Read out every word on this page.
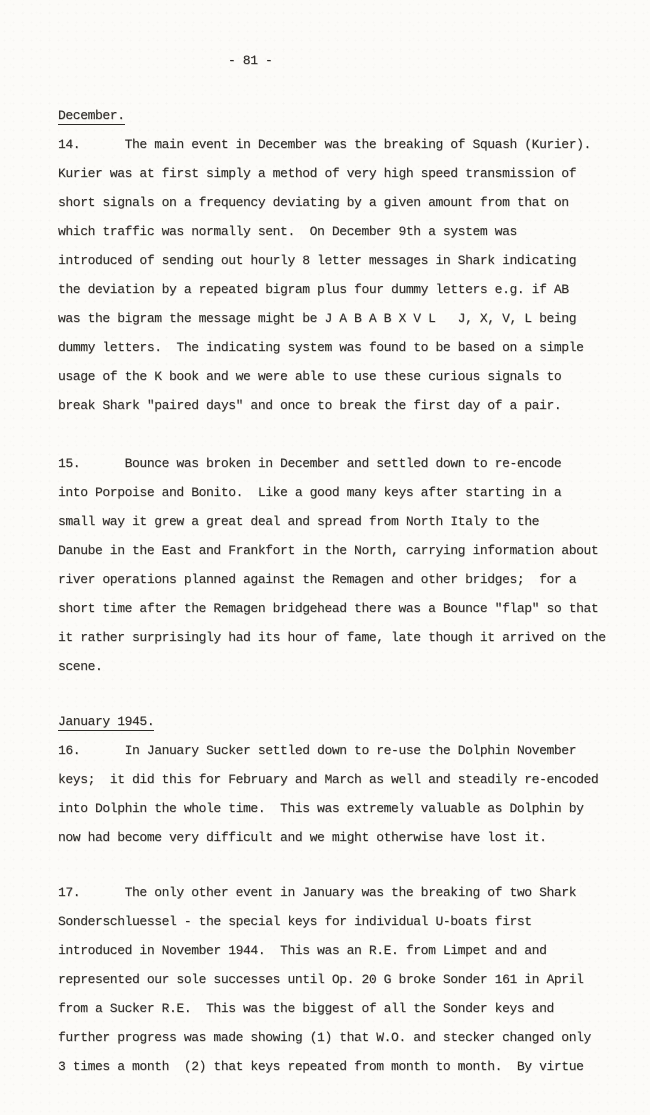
- 81 -
December.
14.      The main event in December was the breaking of Squash (Kurier).
Kurier was at first simply a method of very high speed transmission of
short signals on a frequency deviating by a given amount from that on
which traffic was normally sent.  On December 9th a system was
introduced of sending out hourly 8 letter messages in Shark indicating
the deviation by a repeated bigram plus four dummy letters e.g. if AB
was the bigram the message might be J A B A B X V L   J, X, V, L being
dummy letters.  The indicating system was found to be based on a simple
usage of the K book and we were able to use these curious signals to
break Shark "paired days" and once to break the first day of a pair.
15.      Bounce was broken in December and settled down to re-encode
into Porpoise and Bonito.  Like a good many keys after starting in a
small way it grew a great deal and spread from North Italy to the
Danube in the East and Frankfort in the North, carrying information about
river operations planned against the Remagen and other bridges;  for a
short time after the Remagen bridgehead there was a Bounce "flap" so that
it rather surprisingly had its hour of fame, late though it arrived on the
scene.
January 1945.
16.      In January Sucker settled down to re-use the Dolphin November
keys;  it did this for February and March as well and steadily re-encoded
into Dolphin the whole time.  This was extremely valuable as Dolphin by
now had become very difficult and we might otherwise have lost it.
17.      The only other event in January was the breaking of two Shark
Sonderschluessel - the special keys for individual U-boats first
introduced in November 1944.  This was an R.E. from Limpet and and
represented our sole successes until Op. 20 G broke Sonder 161 in April
from a Sucker R.E.  This was the biggest of all the Sonder keys and
further progress was made showing (1) that W.O. and stecker changed only
3 times a month  (2) that keys repeated from month to month.  By virtue
